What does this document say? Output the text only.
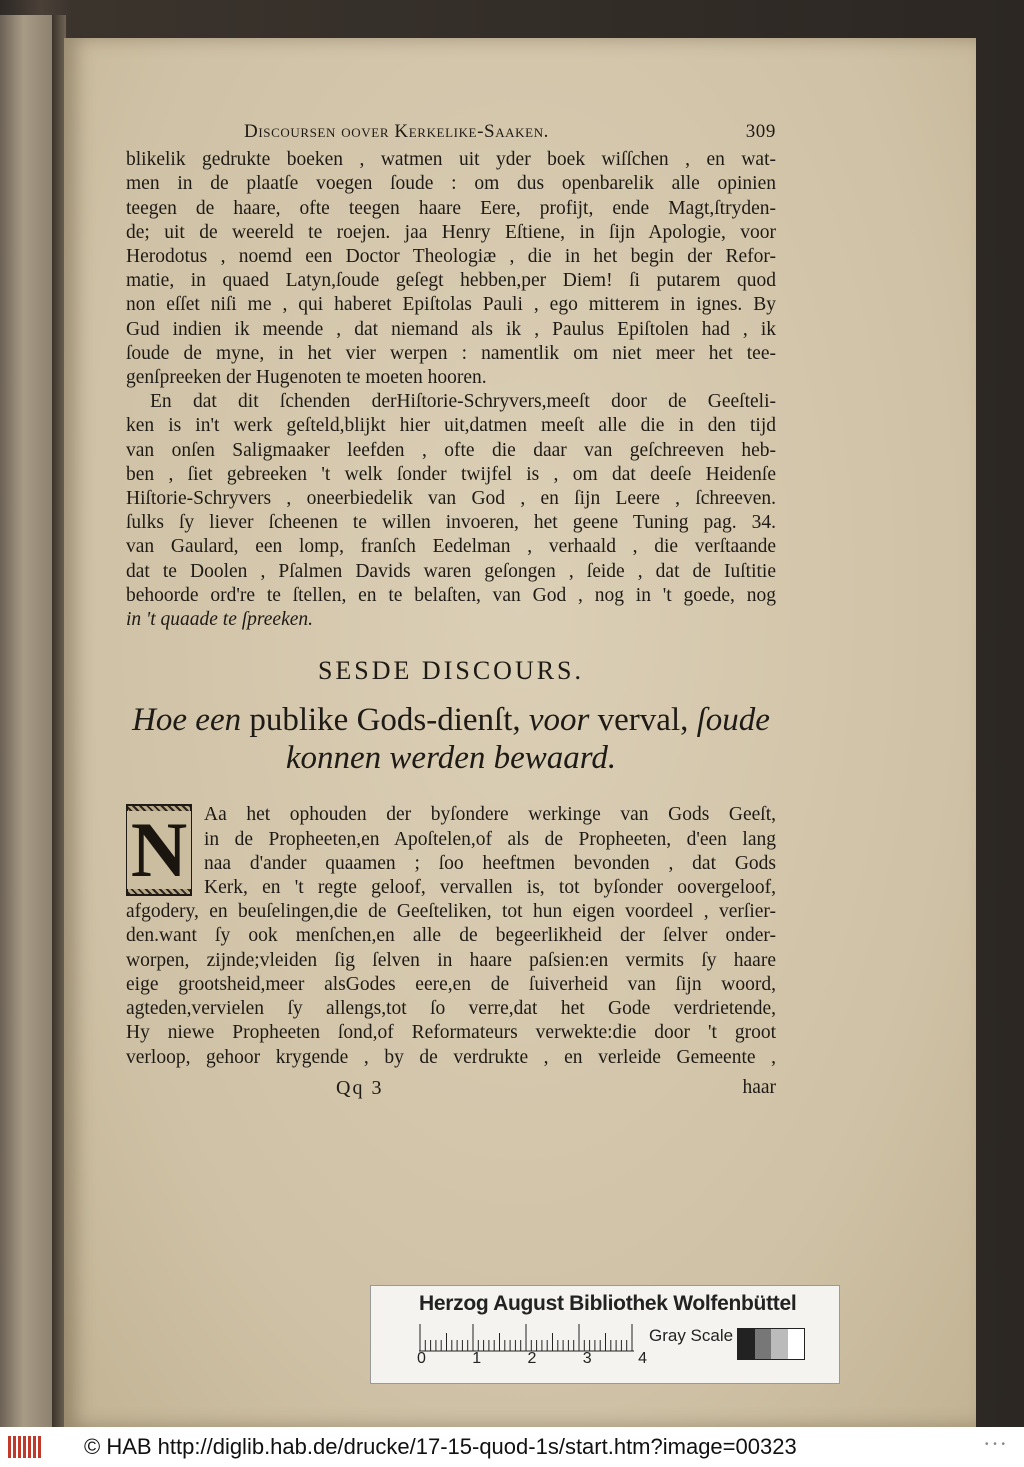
Discoursen oover Kerkelike-Saaken.	309
blikelik gedrukte boeken , watmen uit yder boek wiſſchen , en wat-
men in de plaatſe voegen ſoude : om dus openbarelik alle opinien
teegen de haare, ofte teegen haare Eere, profijt, ende Magt,ſtryden-
de; uit de weereld te roejen. jaa Henry Eſtiene, in ſijn Apologie, voor
Herodotus , noemd een Doctor Theologiæ , die in het begin der Refor-
matie, in quaed Latyn,ſoude geſegt hebben,per Diem! ſi putarem quod
non eſſet niſi me , qui haberet Epiſtolas Pauli , ego mitterem in ignes. By
Gud indien ik meende , dat niemand als ik , Paulus Epiſtolen had , ik
ſoude de myne, in het vier werpen : namentlik om niet meer het tee-
genſpreeken der Hugenoten te moeten hooren.
En dat dit ſchenden derHiſtorie-Schryvers,meeſt door de Geeſteli-
ken is in't werk geſteld,blijkt hier uit,datmen meeſt alle die in den tijd
van onſen Saligmaaker leefden , ofte die daar van geſchreeven heb-
ben , ſiet gebreeken 't welk ſonder twijfel is , om dat deeſe Heidenſe
Hiſtorie-Schryvers , oneerbiedelik van God , en ſijn Leere , ſchreeven.
ſulks ſy liever ſcheenen te willen invoeren, het geene Tuning pag. 34.
van Gaulard, een lomp, franſch Eedelman , verhaald , die verſtaande
dat te Doolen , Pſalmen Davids waren geſongen , ſeide , dat de Iuſtitie
behoorde ord're te ſtellen, en te belaſten, van God , nog in 't goede, nog
in 't quaade te ſpreeken.
SESDE DISCOURS.
Hoe een publike Gods-dienſt, voor verval, ſoude
konnen werden bewaard.
N Aa het ophouden der byſondere werkinge van Gods Geeſt,
in de Propheeten,en Apoſtelen,of als de Propheeten, d'een lang
naa d'ander quaamen ; ſoo heeftmen bevonden , dat Gods
Kerk, en 't regte geloof, vervallen is, tot byſonder oovergeloof,
afgodery, en beuſelingen,die de Geeſteliken, tot hun eigen voordeel , verſier-
den.want ſy ook menſchen,en alle de begeerlikheid der ſelver onder-
worpen, zijnde;vleiden ſig ſelven in haare paſsien:en vermits ſy haare
eige grootsheid,meer alsGodes eere,en de ſuiverheid van ſijn woord,
agteden,vervielen ſy allengs,tot ſo verre,dat het Gode verdrietende,
Hy niewe Propheeten ſond,of Reformateurs verwekte:die door 't groot
verloop, gehoor krygende , by de verdrukte , en verleide Gemeente ,
Qq 3	haar
Herzog August Bibliothek Wolfenbüttel
0	1	2	3	4
Gray Scale
© HAB http://diglib.hab.de/drucke/17-15-quod-1s/start.htm?image=00323	• • •
